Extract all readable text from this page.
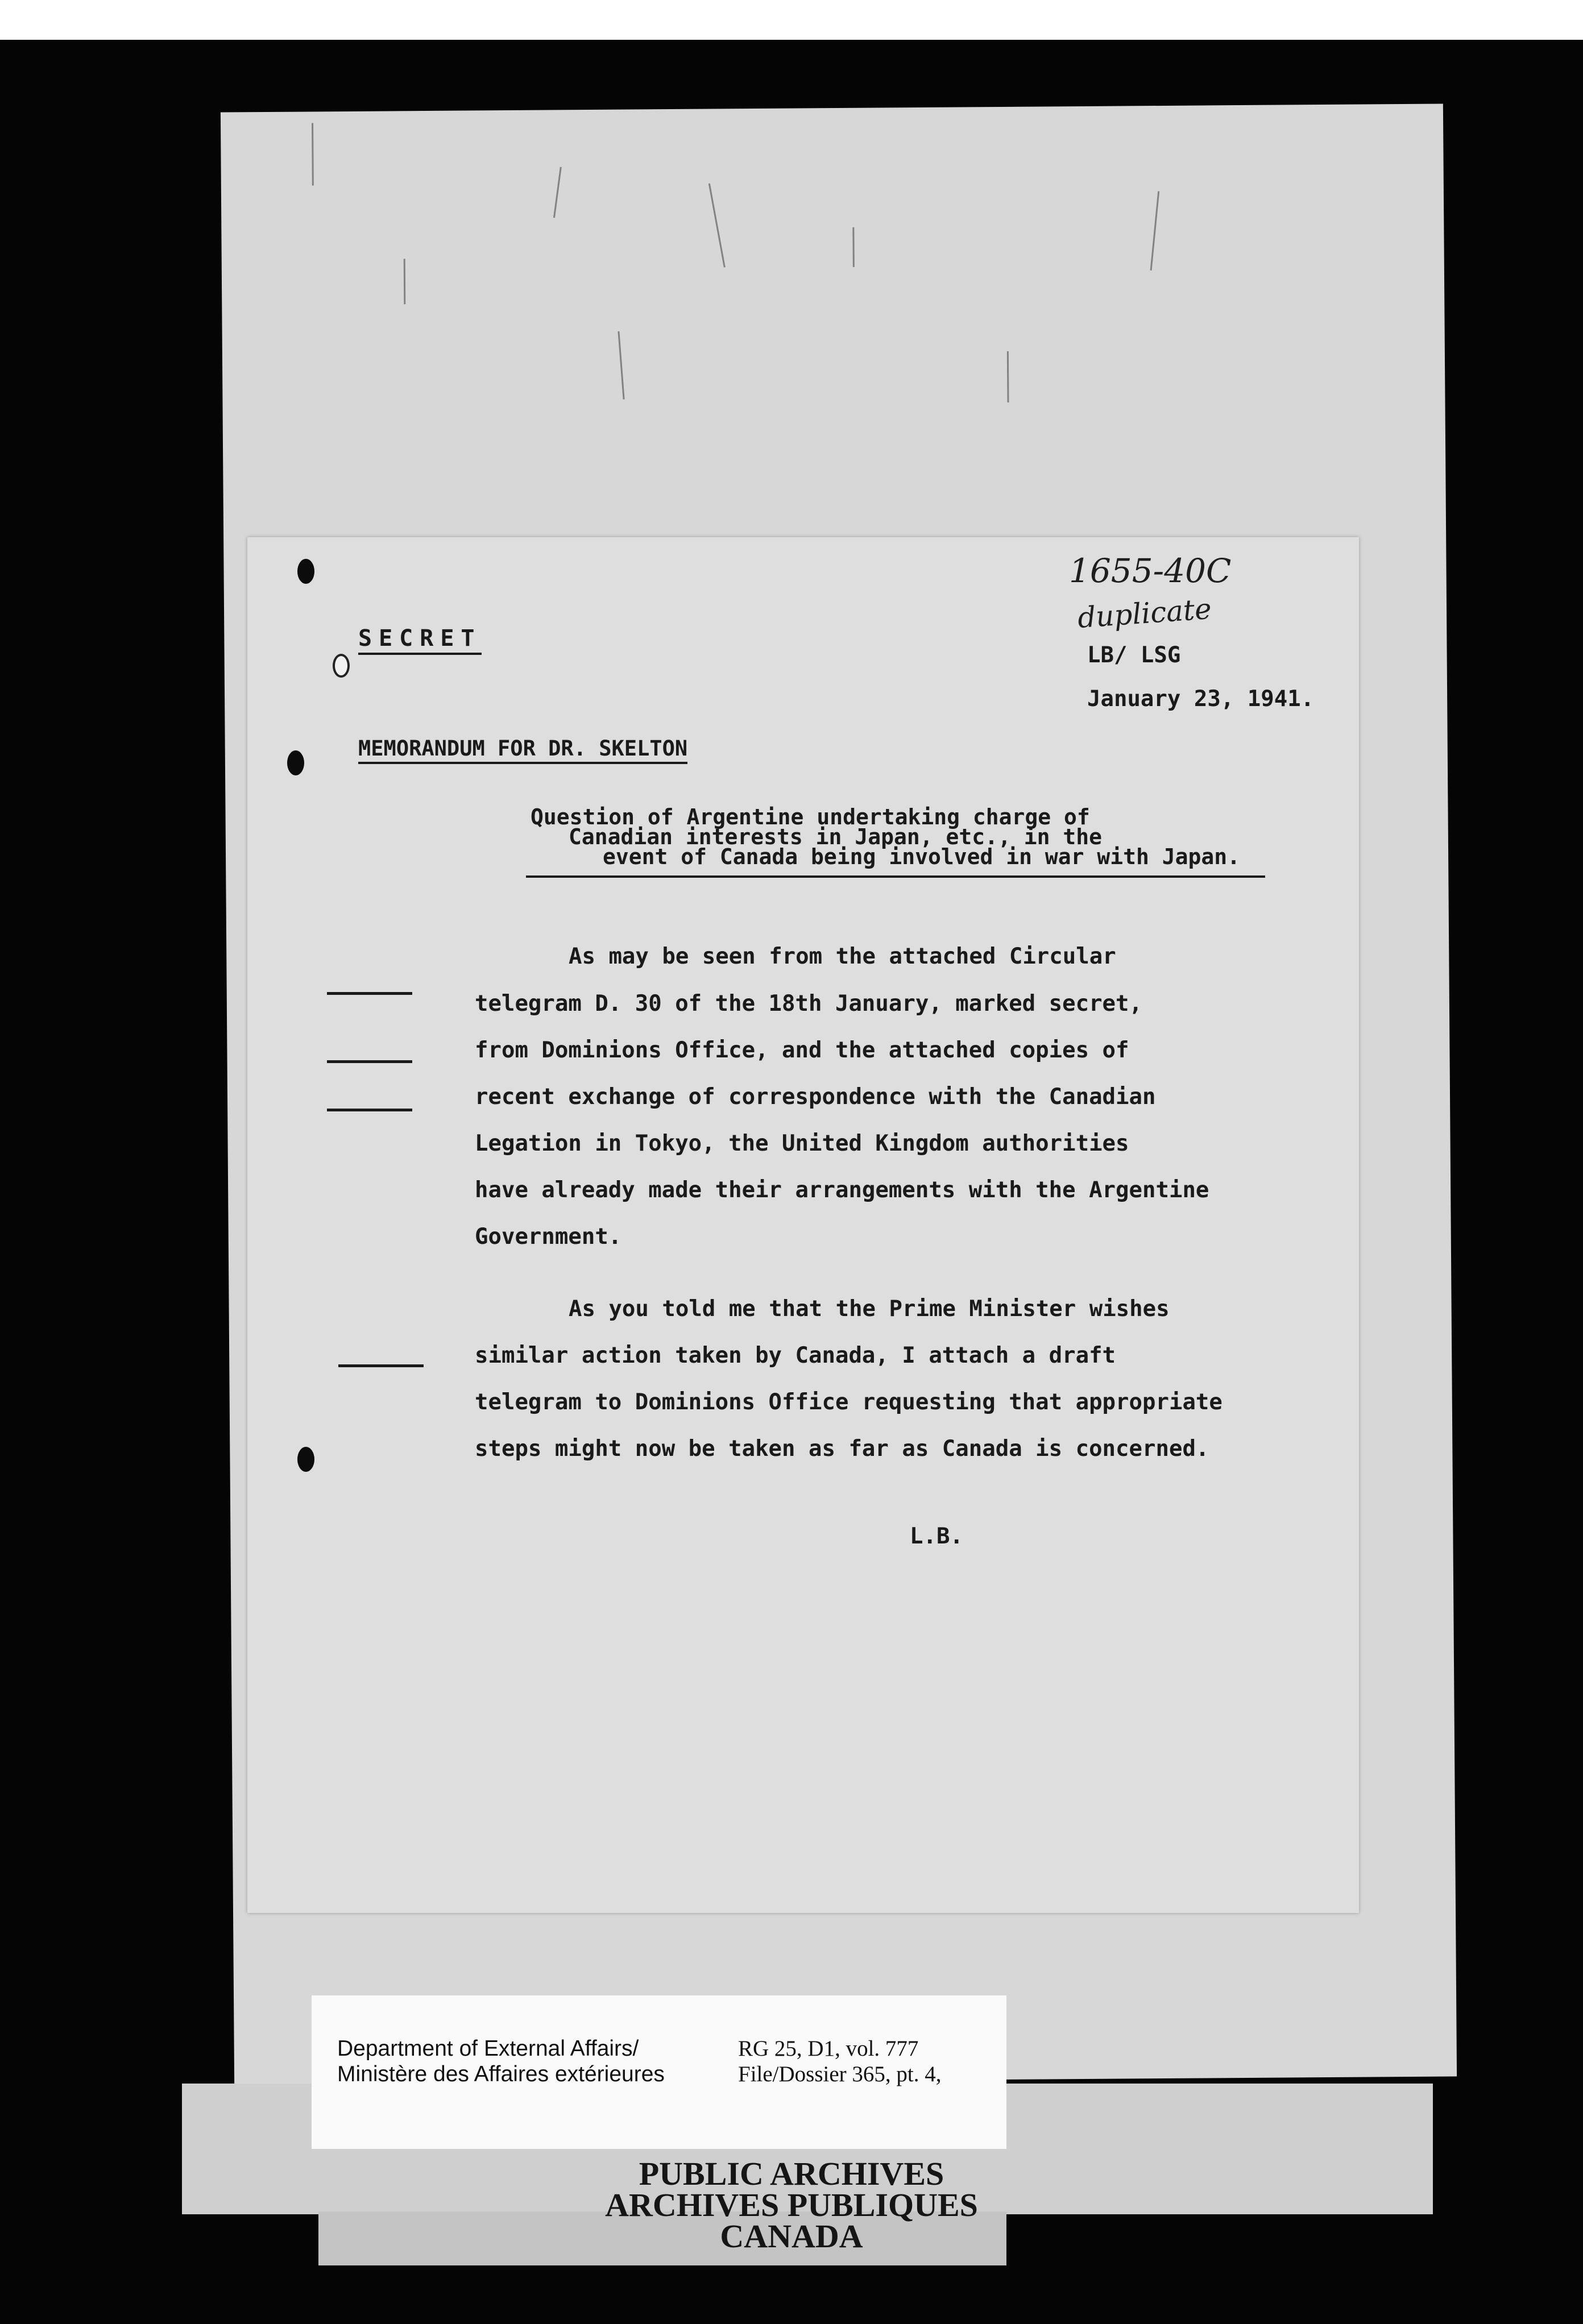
1655-40C
duplicate
SECRET
LB/ LSG
January 23, 1941.
MEMORANDUM FOR DR. SKELTON
Question of Argentine undertaking charge of
Canadian interests in Japan, etc., in the
event of Canada being involved in war with Japan.
As may be seen from the attached Circular
telegram D. 30 of the 18th January, marked secret,
from Dominions Office, and the attached copies of
recent exchange of correspondence with the Canadian
Legation in Tokyo, the United Kingdom authorities
have already made their arrangements with the Argentine
Government.
As you told me that the Prime Minister wishes
similar action taken by Canada, I attach a draft
telegram to Dominions Office requesting that appropriate
steps might now be taken as far as Canada is concerned.
L.B.
Department of External Affairs/
Ministère des Affaires extérieures
RG 25, D1, vol. 777
File/Dossier 365, pt. 4,
PUBLIC ARCHIVES
ARCHIVES PUBLIQUES
CANADA
